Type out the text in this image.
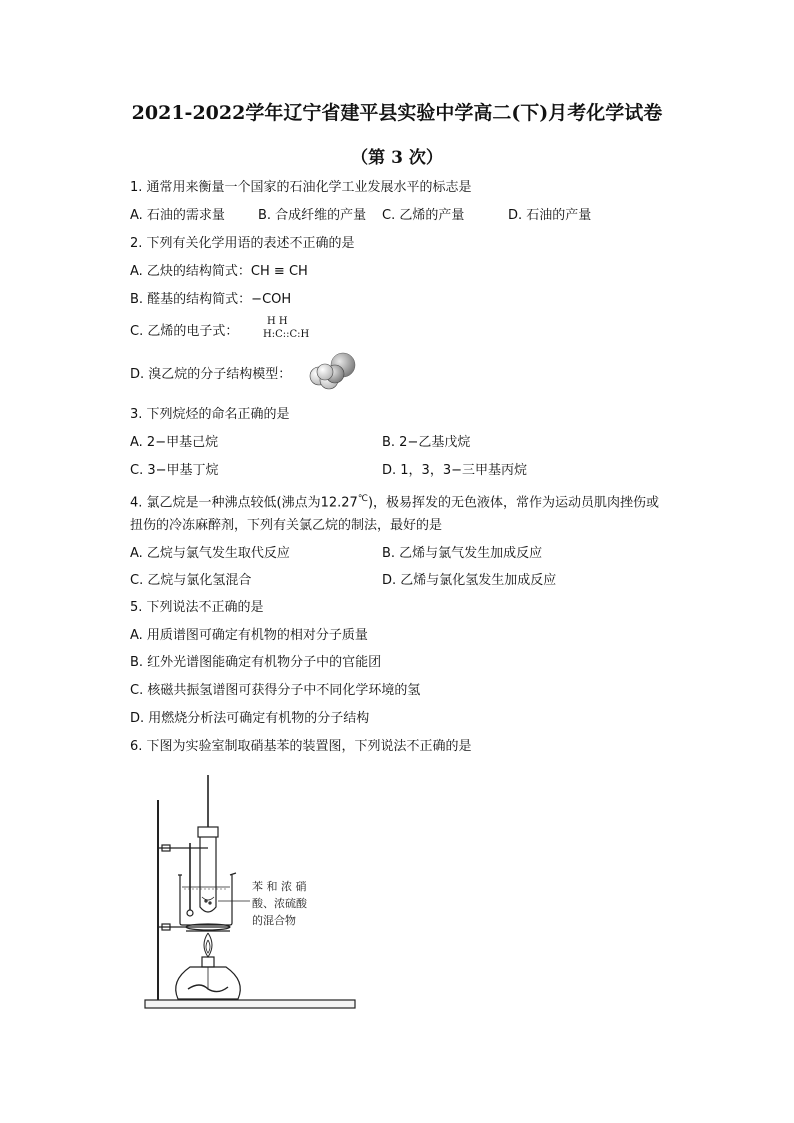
2021-2022学年辽宁省建平县实验中学高二(下)月考化学试卷
（第 3 次）
1. 通常用来衡量一个国家的石油化学工业发展水平的标志是
A. 石油的需求量	B. 合成纤维的产量 C. 乙烯的产量	D. 石油的产量
2. 下列有关化学用语的表述不正确的是
A. 乙炔的结构简式：CH ≡ CH
B. 醛基的结构简式：−COH
C. 乙烯的电子式：
H H
H:C::C:H
D. 溴乙烷的分子结构模型：
3. 下列烷烃的命名正确的是
A. 2−甲基己烷	B. 2−乙基戊烷
C. 3−甲基丁烷	D. 1，3，3−三甲基丙烷
4. 氯乙烷是一种沸点较低(沸点为12.27℃)，极易挥发的无色液体，常作为运动员肌肉挫伤或
扭伤的冷冻麻醉剂，下列有关氯乙烷的制法，最好的是
A. 乙烷与氯气发生取代反应	B. 乙烯与氯气发生加成反应
C. 乙烷与氯化氢混合	D. 乙烯与氯化氢发生加成反应
5. 下列说法不正确的是
A. 用质谱图可确定有机物的相对分子质量
B. 红外光谱图能确定有机物分子中的官能团
C. 核磁共振氢谱图可获得分子中不同化学环境的氢
D. 用燃烧分析法可确定有机物的分子结构
6. 下图为实验室制取硝基苯的装置图，下列说法不正确的是
苯 和 浓 硝
酸、浓硫酸
的混合物
